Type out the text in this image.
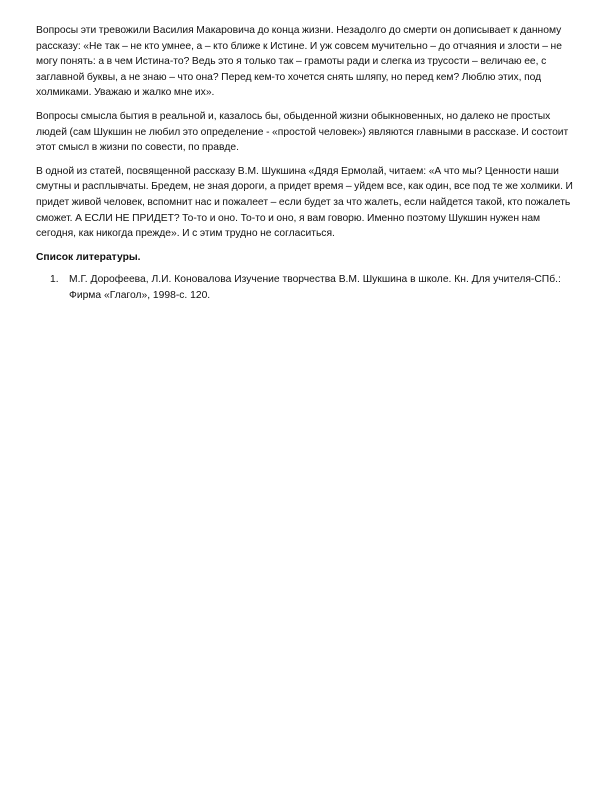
Вопросы эти тревожили Василия Макаровича до конца жизни. Незадолго до смерти он дописывает к данному рассказу: «Не так – не кто умнее, а – кто ближе к Истине. И уж совсем мучительно – до отчаяния и злости – не могу понять: а в чем Истина-то? Ведь это я только так – грамоты ради и слегка из трусости – величаю ее, с заглавной буквы, а не знаю – что она? Перед кем-то хочется снять шляпу, но перед кем? Люблю этих, под холмиками. Уважаю и жалко мне их».

Вопросы смысла бытия в реальной и, казалось бы, обыденной жизни обыкновенных, но далеко не простых людей (сам Шукшин не любил это определение - «простой человек») являются главными в рассказе. И состоит этот смысл в жизни по совести, по правде.

В одной из статей, посвященной рассказу В.М. Шукшина «Дядя Ермолай, читаем: «А что мы? Ценности наши смутны и расплывчаты. Бредем, не зная дороги, а придет время – уйдем все, как один, все под те же холмики. И придет живой человек, вспомнит нас и пожалеет – если будет за что жалеть, если найдется такой, кто пожалеть сможет. А ЕСЛИ НЕ ПРИДЕТ? То-то и оно. То-то и оно, я вам говорю. Именно поэтому Шукшин нужен нам сегодня, как никогда прежде». И с этим трудно не согласиться.

Список литературы.
1. М.Г. Дорофеева, Л.И. Коновалова Изучение творчества В.М. Шукшина в школе. Кн. Для учителя-СПб.: Фирма «Глагол», 1998-с. 120.
